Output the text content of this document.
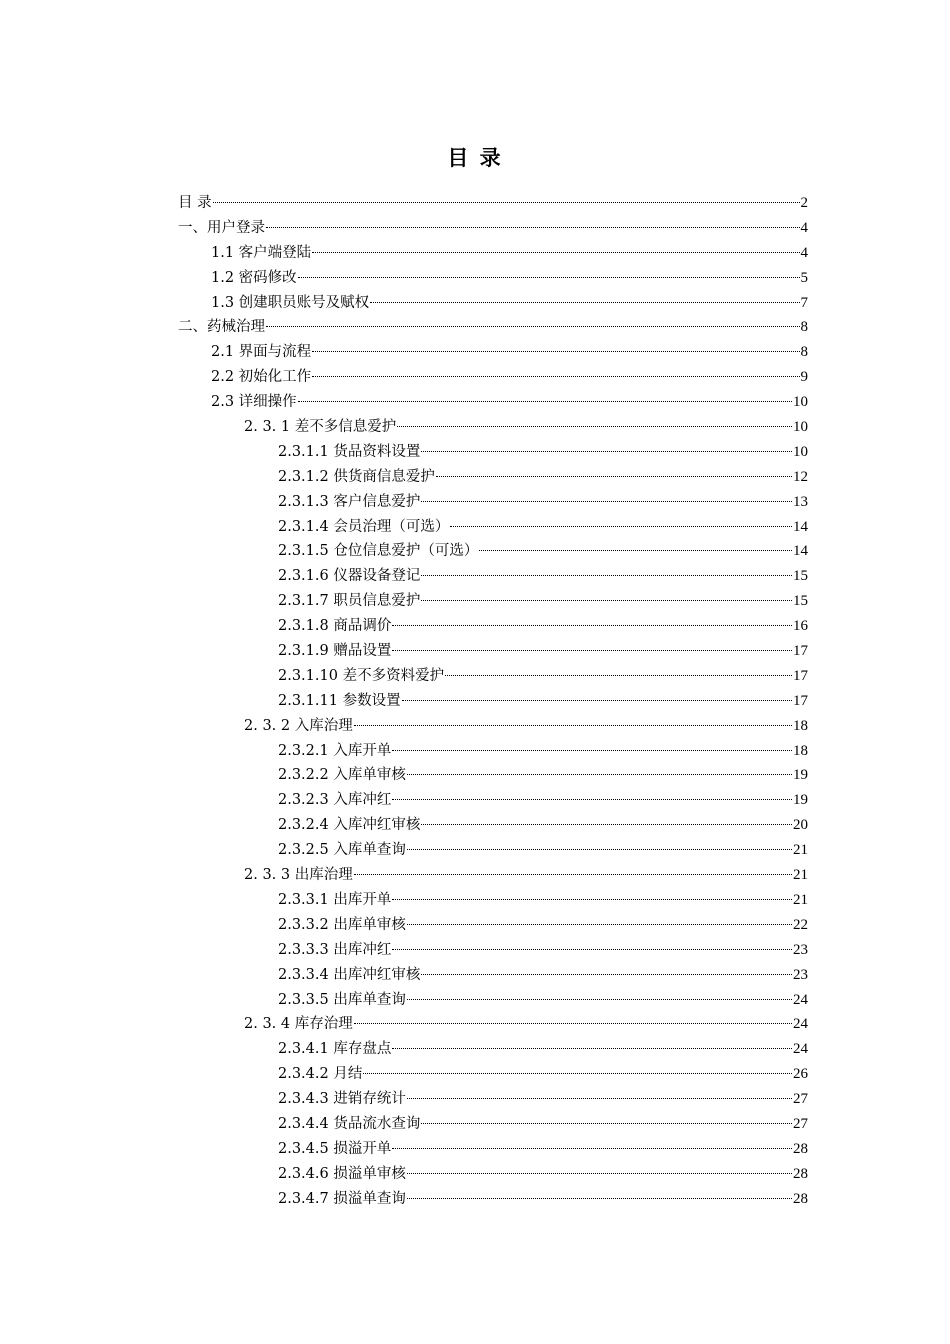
目 录
目 录	2
一、用户登录	4
1.1 客户端登陆	4
1.2 密码修改	5
1.3 创建职员账号及赋权	7
二、药械治理	8
2.1 界面与流程	8
2.2 初始化工作	9
2.3 详细操作	10
2. 3. 1 差不多信息爱护	10
2.3.1.1 货品资料设置	10
2.3.1.2 供货商信息爱护	12
2.3.1.3 客户信息爱护	13
2.3.1.4 会员治理（可选）	14
2.3.1.5 仓位信息爱护（可选）	14
2.3.1.6 仪器设备登记	15
2.3.1.7 职员信息爱护	15
2.3.1.8 商品调价	16
2.3.1.9 赠品设置	17
2.3.1.10 差不多资料爱护	17
2.3.1.11 参数设置	17
2. 3. 2 入库治理	18
2.3.2.1 入库开单	18
2.3.2.2 入库单审核	19
2.3.2.3 入库冲红	19
2.3.2.4 入库冲红审核	20
2.3.2.5 入库单查询	21
2. 3. 3 出库治理	21
2.3.3.1 出库开单	21
2.3.3.2 出库单审核	22
2.3.3.3 出库冲红	23
2.3.3.4 出库冲红审核	23
2.3.3.5 出库单查询	24
2. 3. 4 库存治理	24
2.3.4.1 库存盘点	24
2.3.4.2 月结	26
2.3.4.3 进销存统计	27
2.3.4.4 货品流水查询	27
2.3.4.5 损溢开单	28
2.3.4.6 损溢单审核	28
2.3.4.7 损溢单查询	28
